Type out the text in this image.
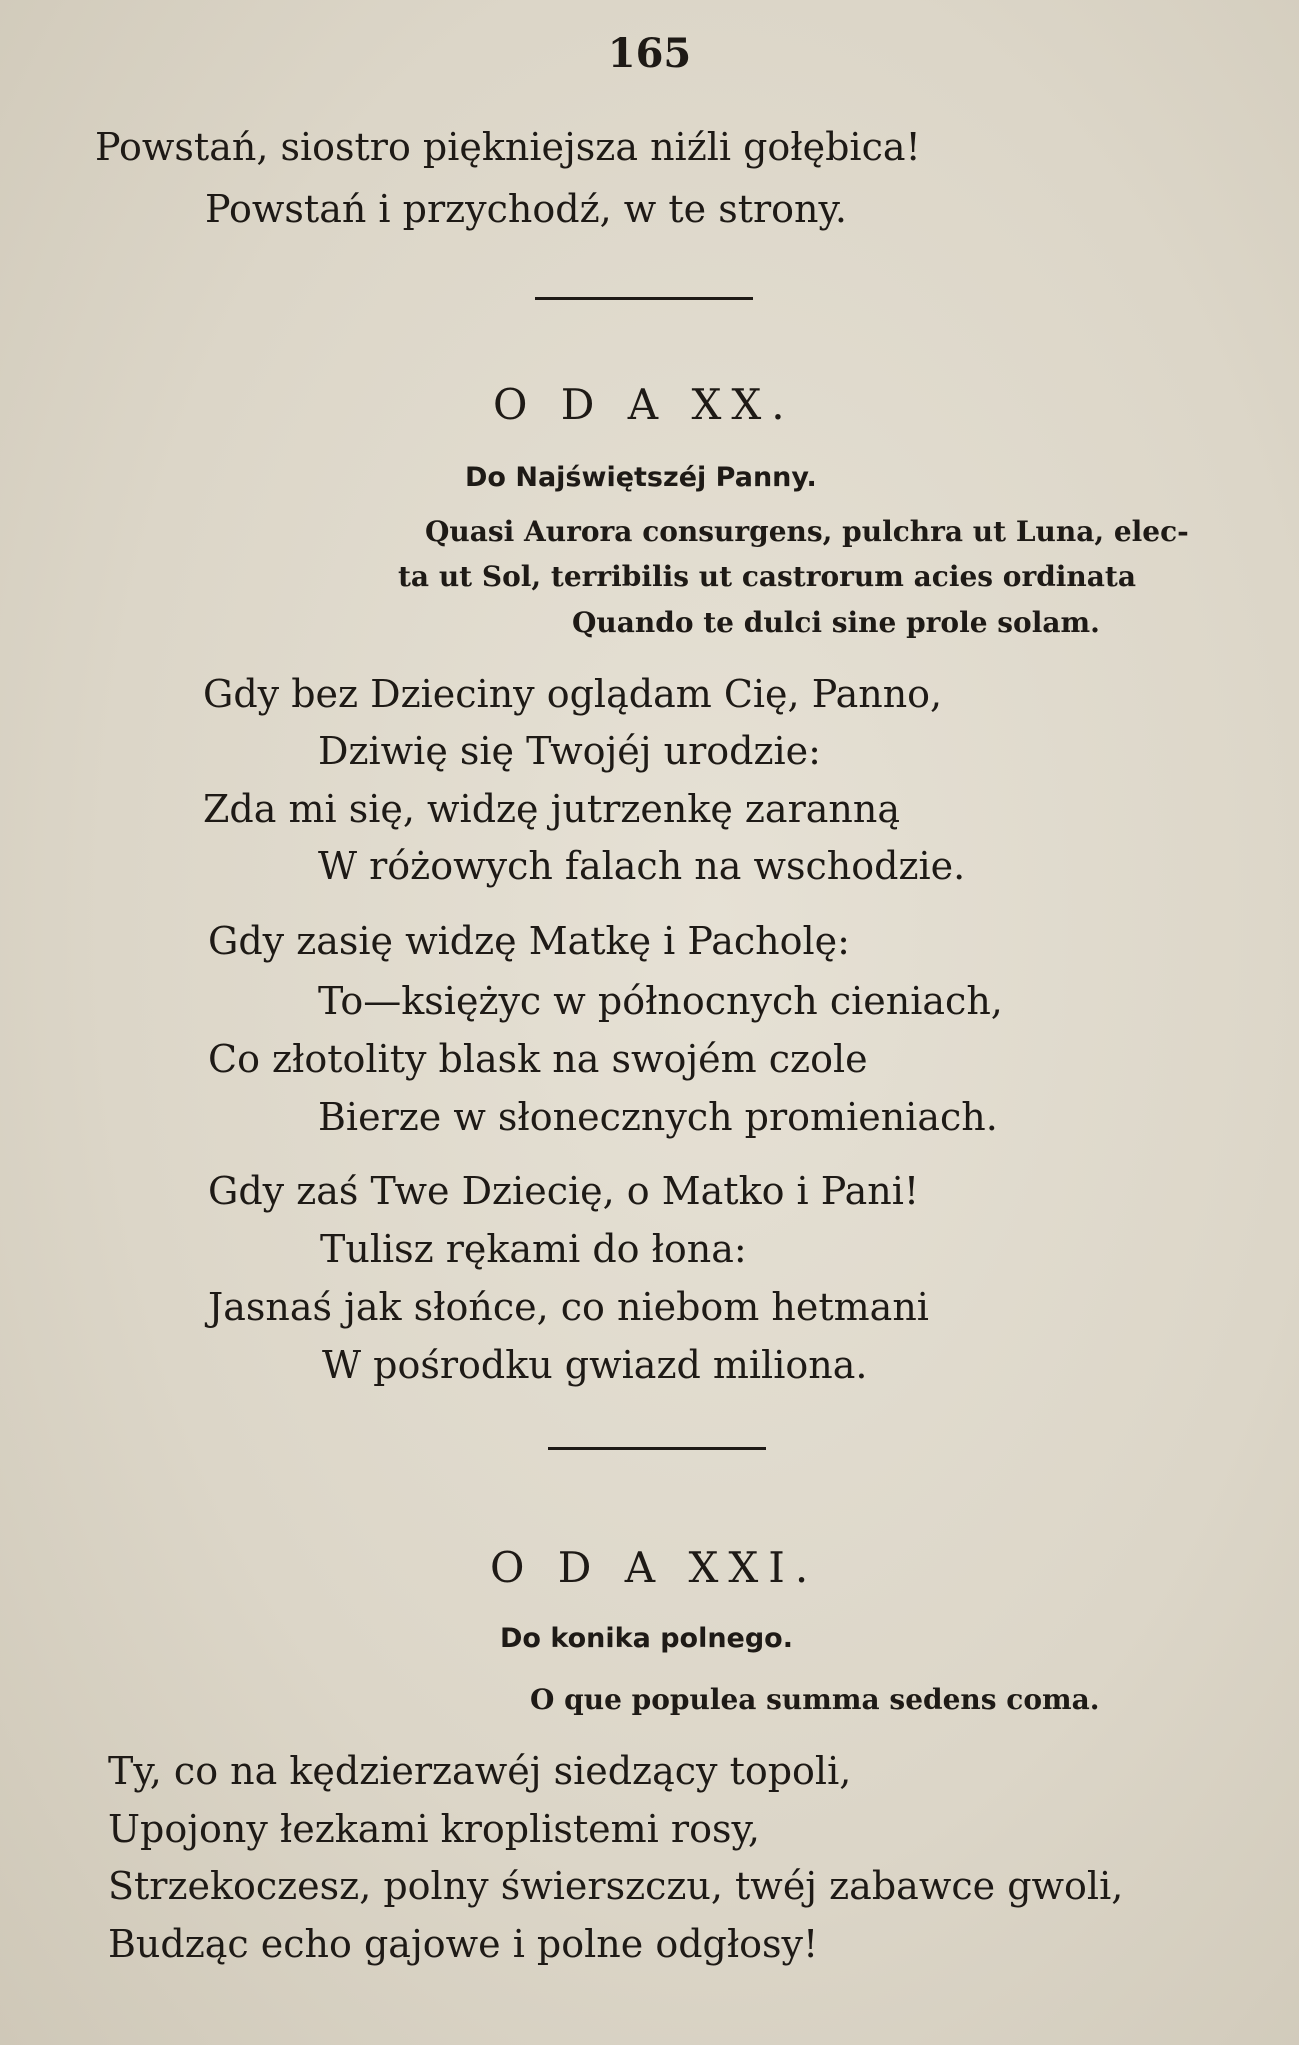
165
Powstań, siostro piękniejsza niźli gołębica!
Powstań i przychodź, w te strony.
O D A XX.
Do Najświętszéj Panny.
Quasi Aurora consurgens, pulchra ut Luna, elec-
ta ut Sol, terribilis ut castrorum acies ordinata
Quando te dulci sine prole solam.
Gdy bez Dzieciny oglądam Cię, Panno,
Dziwię się Twojéj urodzie:
Zda mi się, widzę jutrzenkę zaranną
W różowych falach na wschodzie.
Gdy zasię widzę Matkę i Pacholę:
To—księżyc w północnych cieniach,
Co złotolity blask na swojém czole
Bierze w słonecznych promieniach.
Gdy zaś Twe Dziecię, o Matko i Pani!
Tulisz rękami do łona:
Jasnaś jak słońce, co niebom hetmani
W pośrodku gwiazd miliona.
O D A XXI.
Do konika polnego.
O que populea summa sedens coma.
Ty, co na kędzierzawéj siedzący topoli,
Upojony łezkami kroplistemi rosy,
Strzekoczesz, polny świerszczu, twéj zabawce gwoli,
Budząc echo gajowe i polne odgłosy!
